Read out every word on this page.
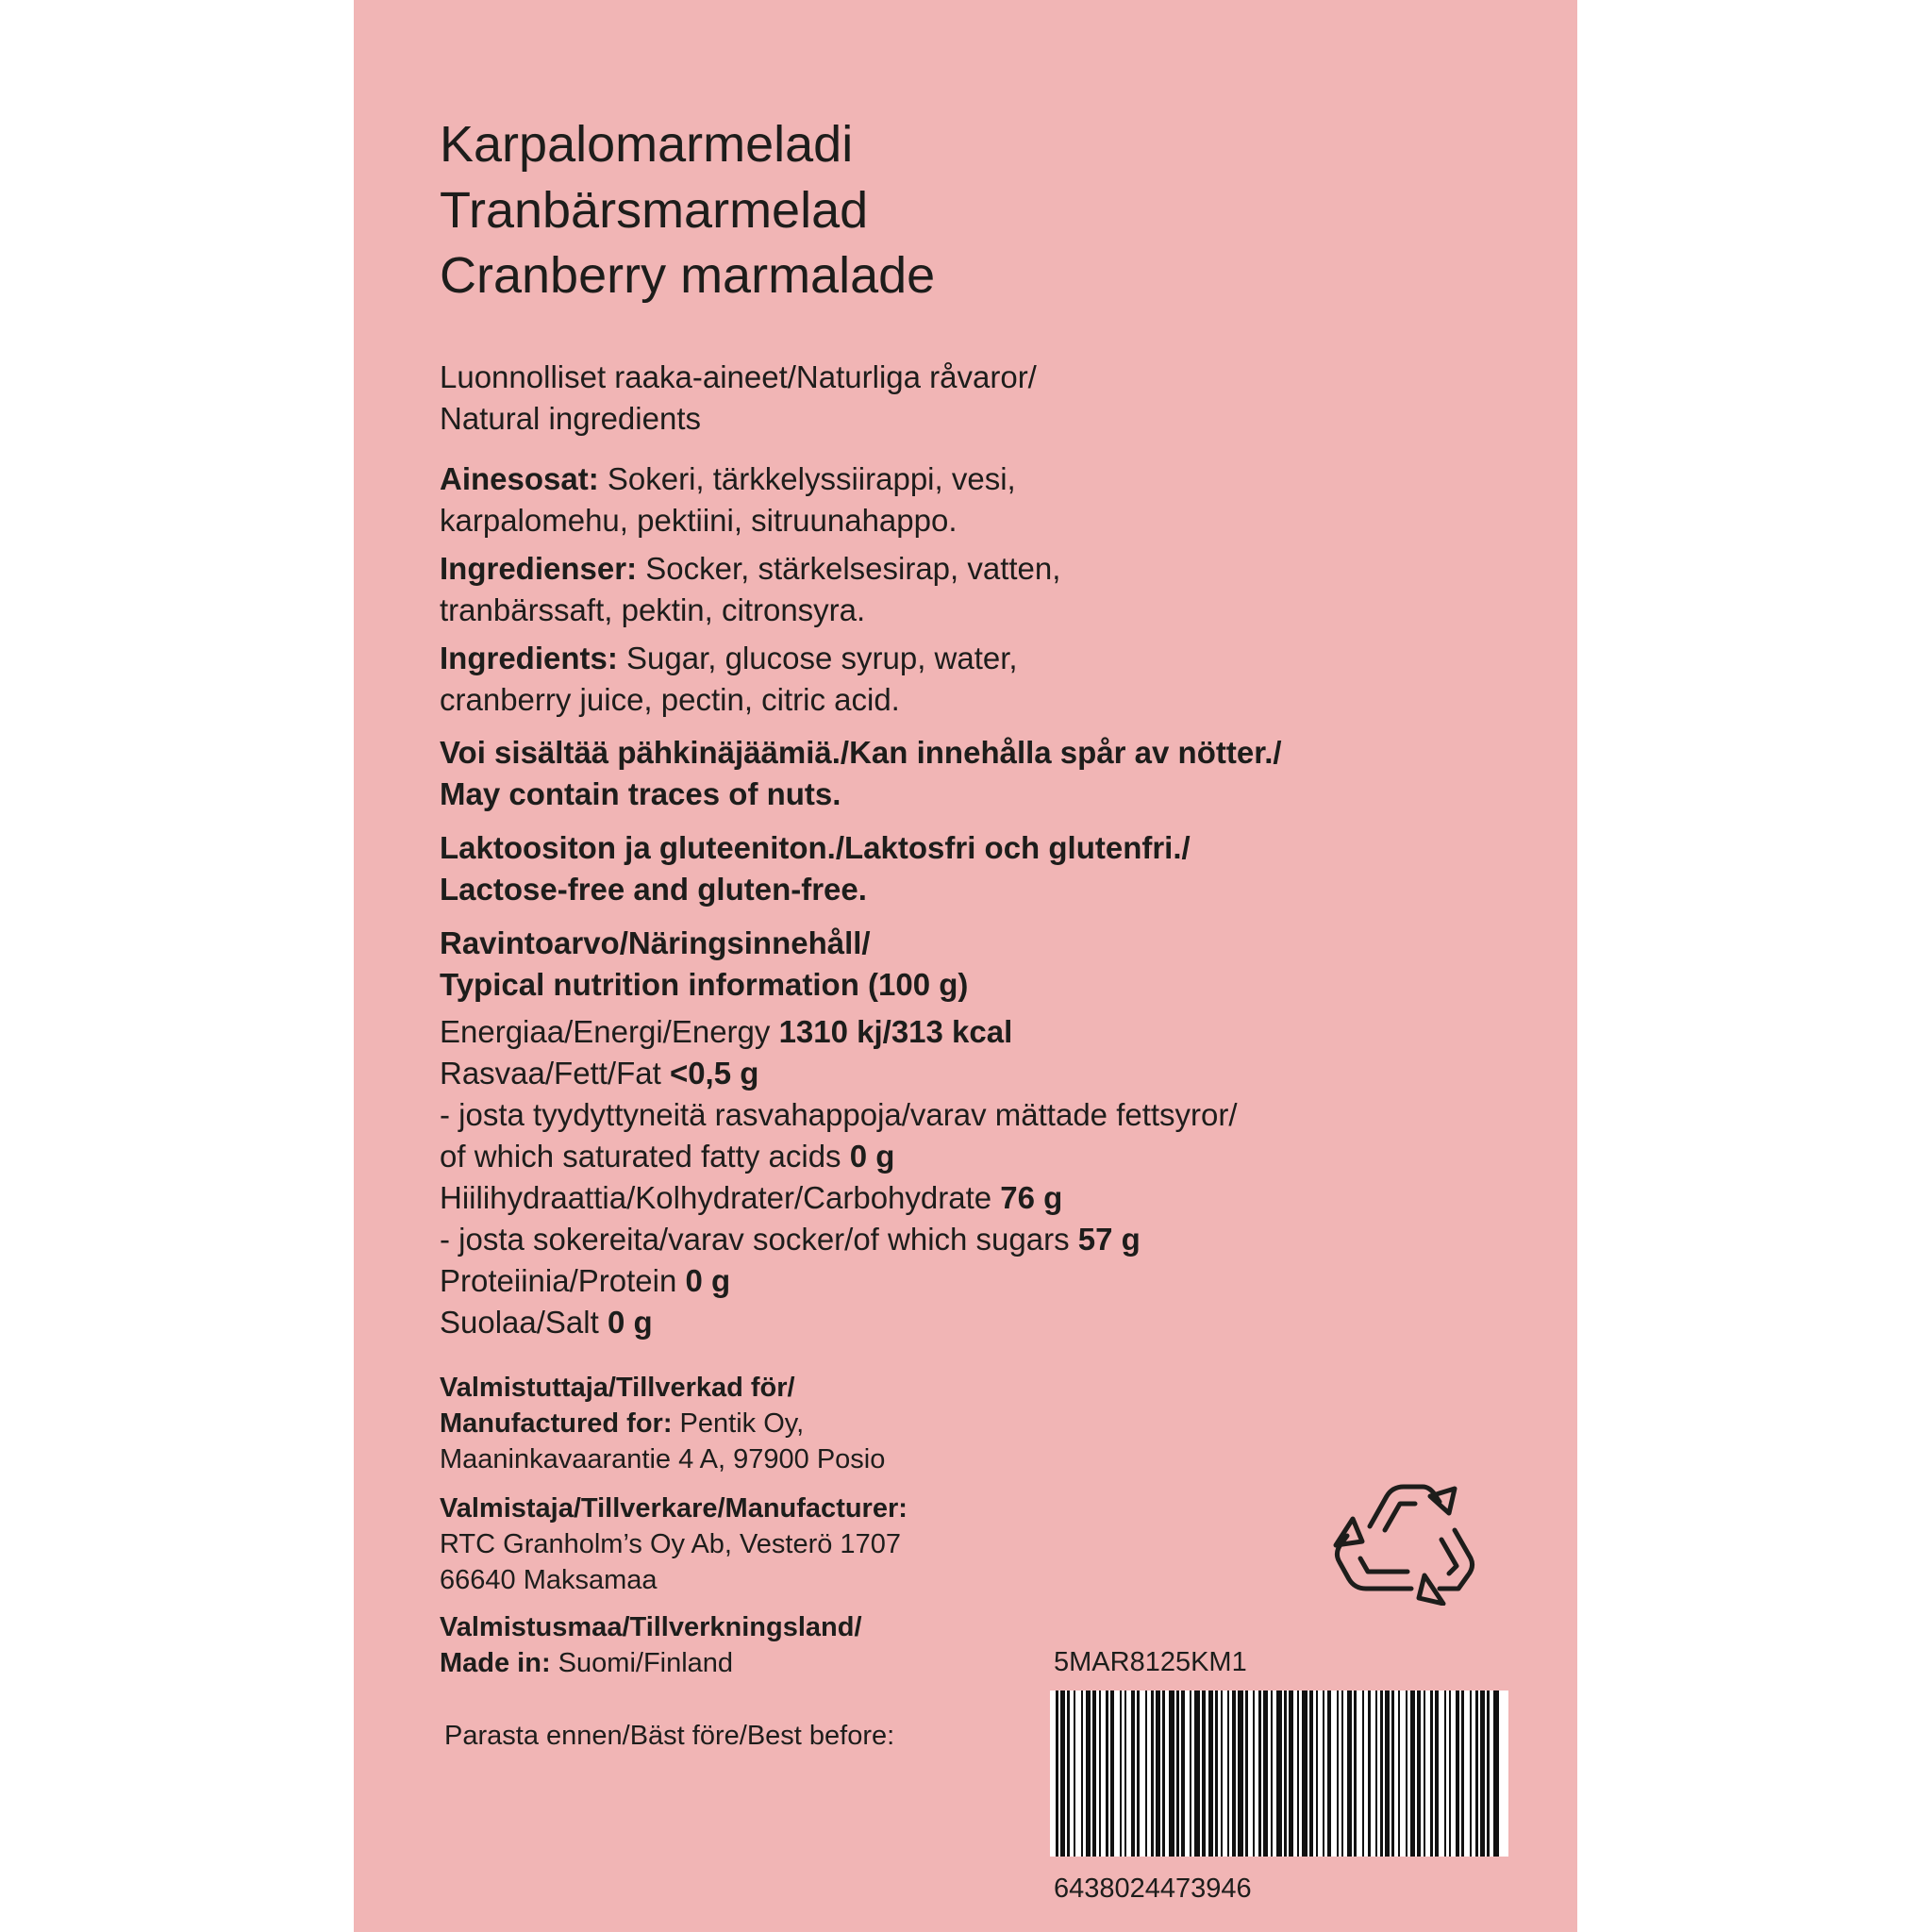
Karpalomarmeladi
Tranbärsmarmelad
Cranberry marmalade

Luonnolliset raaka-aineet/Naturliga råvaror/

Natural ingredients

Ainesosat: Sokeri, tärkkelyssiirappi, vesi,

karpalomehu, pektiini, sitruunahappo.

Ingredienser: Socker, stärkelsesirap, vatten,

tranbärssaft, pektin, citronsyra.

Ingredients: Sugar, glucose syrup, water,

cranberry juice, pectin, citric acid.

Voi sisältää pähkinäjäämiä./Kan innehålla spår av nötter./

May contain traces of nuts.

Laktoositon ja gluteeniton./Laktosfri och glutenfri./

Lactose-free and gluten-free.

Ravintoarvo/Näringsinnehåll/

Typical nutrition information (100 g)

Energiaa/Energi/Energy 1310 kj/313 kcal

Rasvaa/Fett/Fat <0,5 g

- josta tyydyttyneitä rasvahappoja/varav mättade fettsyror/

of which saturated fatty acids 0 g

Hiilihydraattia/Kolhydrater/Carbohydrate 76 g

- josta sokereita/varav socker/of which sugars 57 g

Proteiinia/Protein 0 g

Suolaa/Salt 0 g

Valmistuttaja/Tillverkad för/

Manufactured for: Pentik Oy,

Maaninkavaarantie 4 A, 97900 Posio

Valmistaja/Tillverkare/Manufacturer:

RTC Granholm’s Oy Ab, Vesterö 1707

66640 Maksamaa

Valmistusmaa/Tillverkningsland/

Made in: Suomi/Finland

Parasta ennen/Bäst före/Best before:

5MAR8125KM1
6438024473946
